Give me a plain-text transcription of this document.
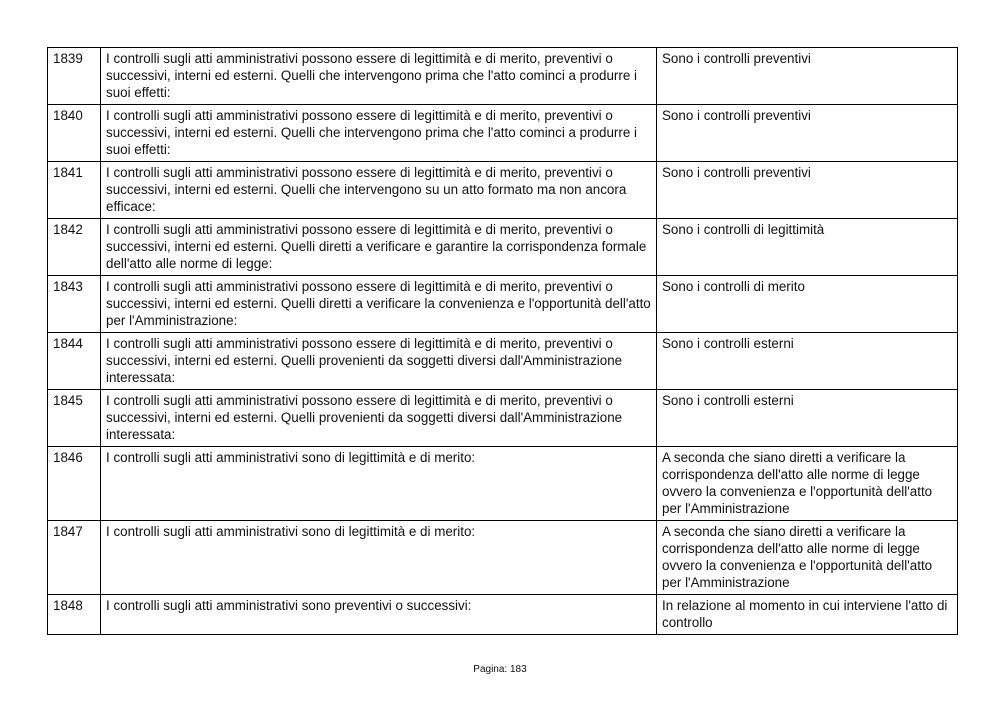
1839	I controlli sugli atti amministrativi possono essere di legittimità e di merito, preventivi o successivi, interni ed esterni. Quelli che intervengono prima che l'atto cominci a produrre i suoi effetti:	Sono i controlli preventivi
1840	I controlli sugli atti amministrativi possono essere di legittimità e di merito, preventivi o successivi, interni ed esterni. Quelli che intervengono prima che l'atto cominci a produrre i suoi effetti:	Sono i controlli preventivi
1841	I controlli sugli atti amministrativi possono essere di legittimità e di merito, preventivi o successivi, interni ed esterni. Quelli che intervengono su un atto formato ma non ancora efficace:	Sono i controlli preventivi
1842	I controlli sugli atti amministrativi possono essere di legittimità e di merito, preventivi o successivi, interni ed esterni. Quelli diretti a verificare e garantire la corrispondenza formale dell'atto alle norme di legge:	Sono i controlli di legittimità
1843	I controlli sugli atti amministrativi possono essere di legittimità e di merito, preventivi o successivi, interni ed esterni. Quelli diretti a verificare la convenienza e l'opportunità dell'atto per l'Amministrazione:	Sono i controlli di merito
1844	I controlli sugli atti amministrativi possono essere di legittimità e di merito, preventivi o successivi, interni ed esterni. Quelli provenienti da soggetti diversi dall'Amministrazione interessata:	Sono i controlli esterni
1845	I controlli sugli atti amministrativi possono essere di legittimità e di merito, preventivi o successivi, interni ed esterni. Quelli provenienti da soggetti diversi dall'Amministrazione interessata:	Sono i controlli esterni
1846	I controlli sugli atti amministrativi sono di legittimità e di merito:	A seconda che siano diretti a verificare la corrispondenza dell'atto alle norme di legge ovvero la convenienza e l'opportunità dell'atto per l'Amministrazione
1847	I controlli sugli atti amministrativi sono di legittimità e di merito:	A seconda che siano diretti a verificare la corrispondenza dell'atto alle norme di legge ovvero la convenienza e l'opportunità dell'atto per l'Amministrazione
1848	I controlli sugli atti amministrativi sono preventivi o successivi:	In relazione al momento in cui interviene l'atto di controllo
Pagina: 183
